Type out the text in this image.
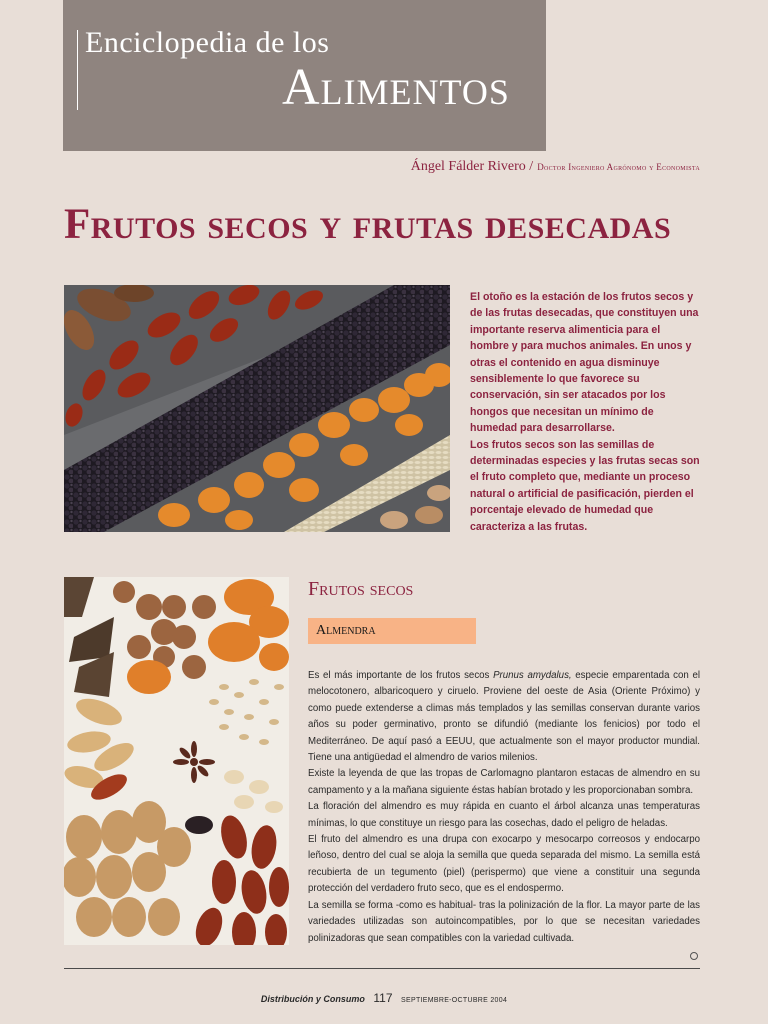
Enciclopedia de los
Alimentos
Ángel Fálder Rivero / Doctor Ingeniero Agrónomo y Economista
Frutos secos y frutas desecadas

El otoño es la estación de los frutos secos y de las frutas desecadas, que constituyen una importante reserva alimenticia para el hombre y para muchos animales. En unos y otras el contenido en agua disminuye sensiblemente lo que favorece su conservación, sin ser atacados por los hongos que necesitan un mínimo de humedad para desarrollarse.

Los frutos secos son las semillas de determinadas especies y las frutas secas son el fruto completo que, mediante un proceso natural o artificial de pasificación, pierden el porcentaje elevado de humedad que caracteriza a las frutas.

Frutos secos
Almendra

Es el más importante de los frutos secos Prunus amydalus, especie emparentada con el melocotonero, albaricoquero y ciruelo. Proviene del oeste de Asia (Oriente Próximo) y como puede extenderse a climas más templados y las semillas conservan durante varios años su poder germinativo, pronto se difundió (mediante los fenicios) por todo el Mediterráneo. De aquí pasó a EEUU, que actualmente son el mayor productor mundial. Tiene una antigüedad el almendro de varios milenios.

Existe la leyenda de que las tropas de Carlomagno plantaron estacas de almendro en su campamento y a la mañana siguiente éstas habían brotado y les proporcionaban sombra.

La floración del almendro es muy rápida en cuanto el árbol alcanza unas temperaturas mínimas, lo que constituye un riesgo para las cosechas, dado el peligro de heladas.

El fruto del almendro es una drupa con exocarpo y mesocarpo correosos y endocarpo leñoso, dentro del cual se aloja la semilla que queda separada del mismo. La semilla está recubierta de un tegumento (piel) (perispermo) que viene a constituir una segunda protección del verdadero fruto seco, que es el endospermo.

La semilla se forma -como es habitual- tras la polinización de la flor. La mayor parte de las variedades utilizadas son autoincompatibles, por lo que se necesitan variedades polinizadoras que sean compatibles con la variedad cultivada.

Distribución y Consumo 117 SEPTIEMBRE-OCTUBRE 2004
